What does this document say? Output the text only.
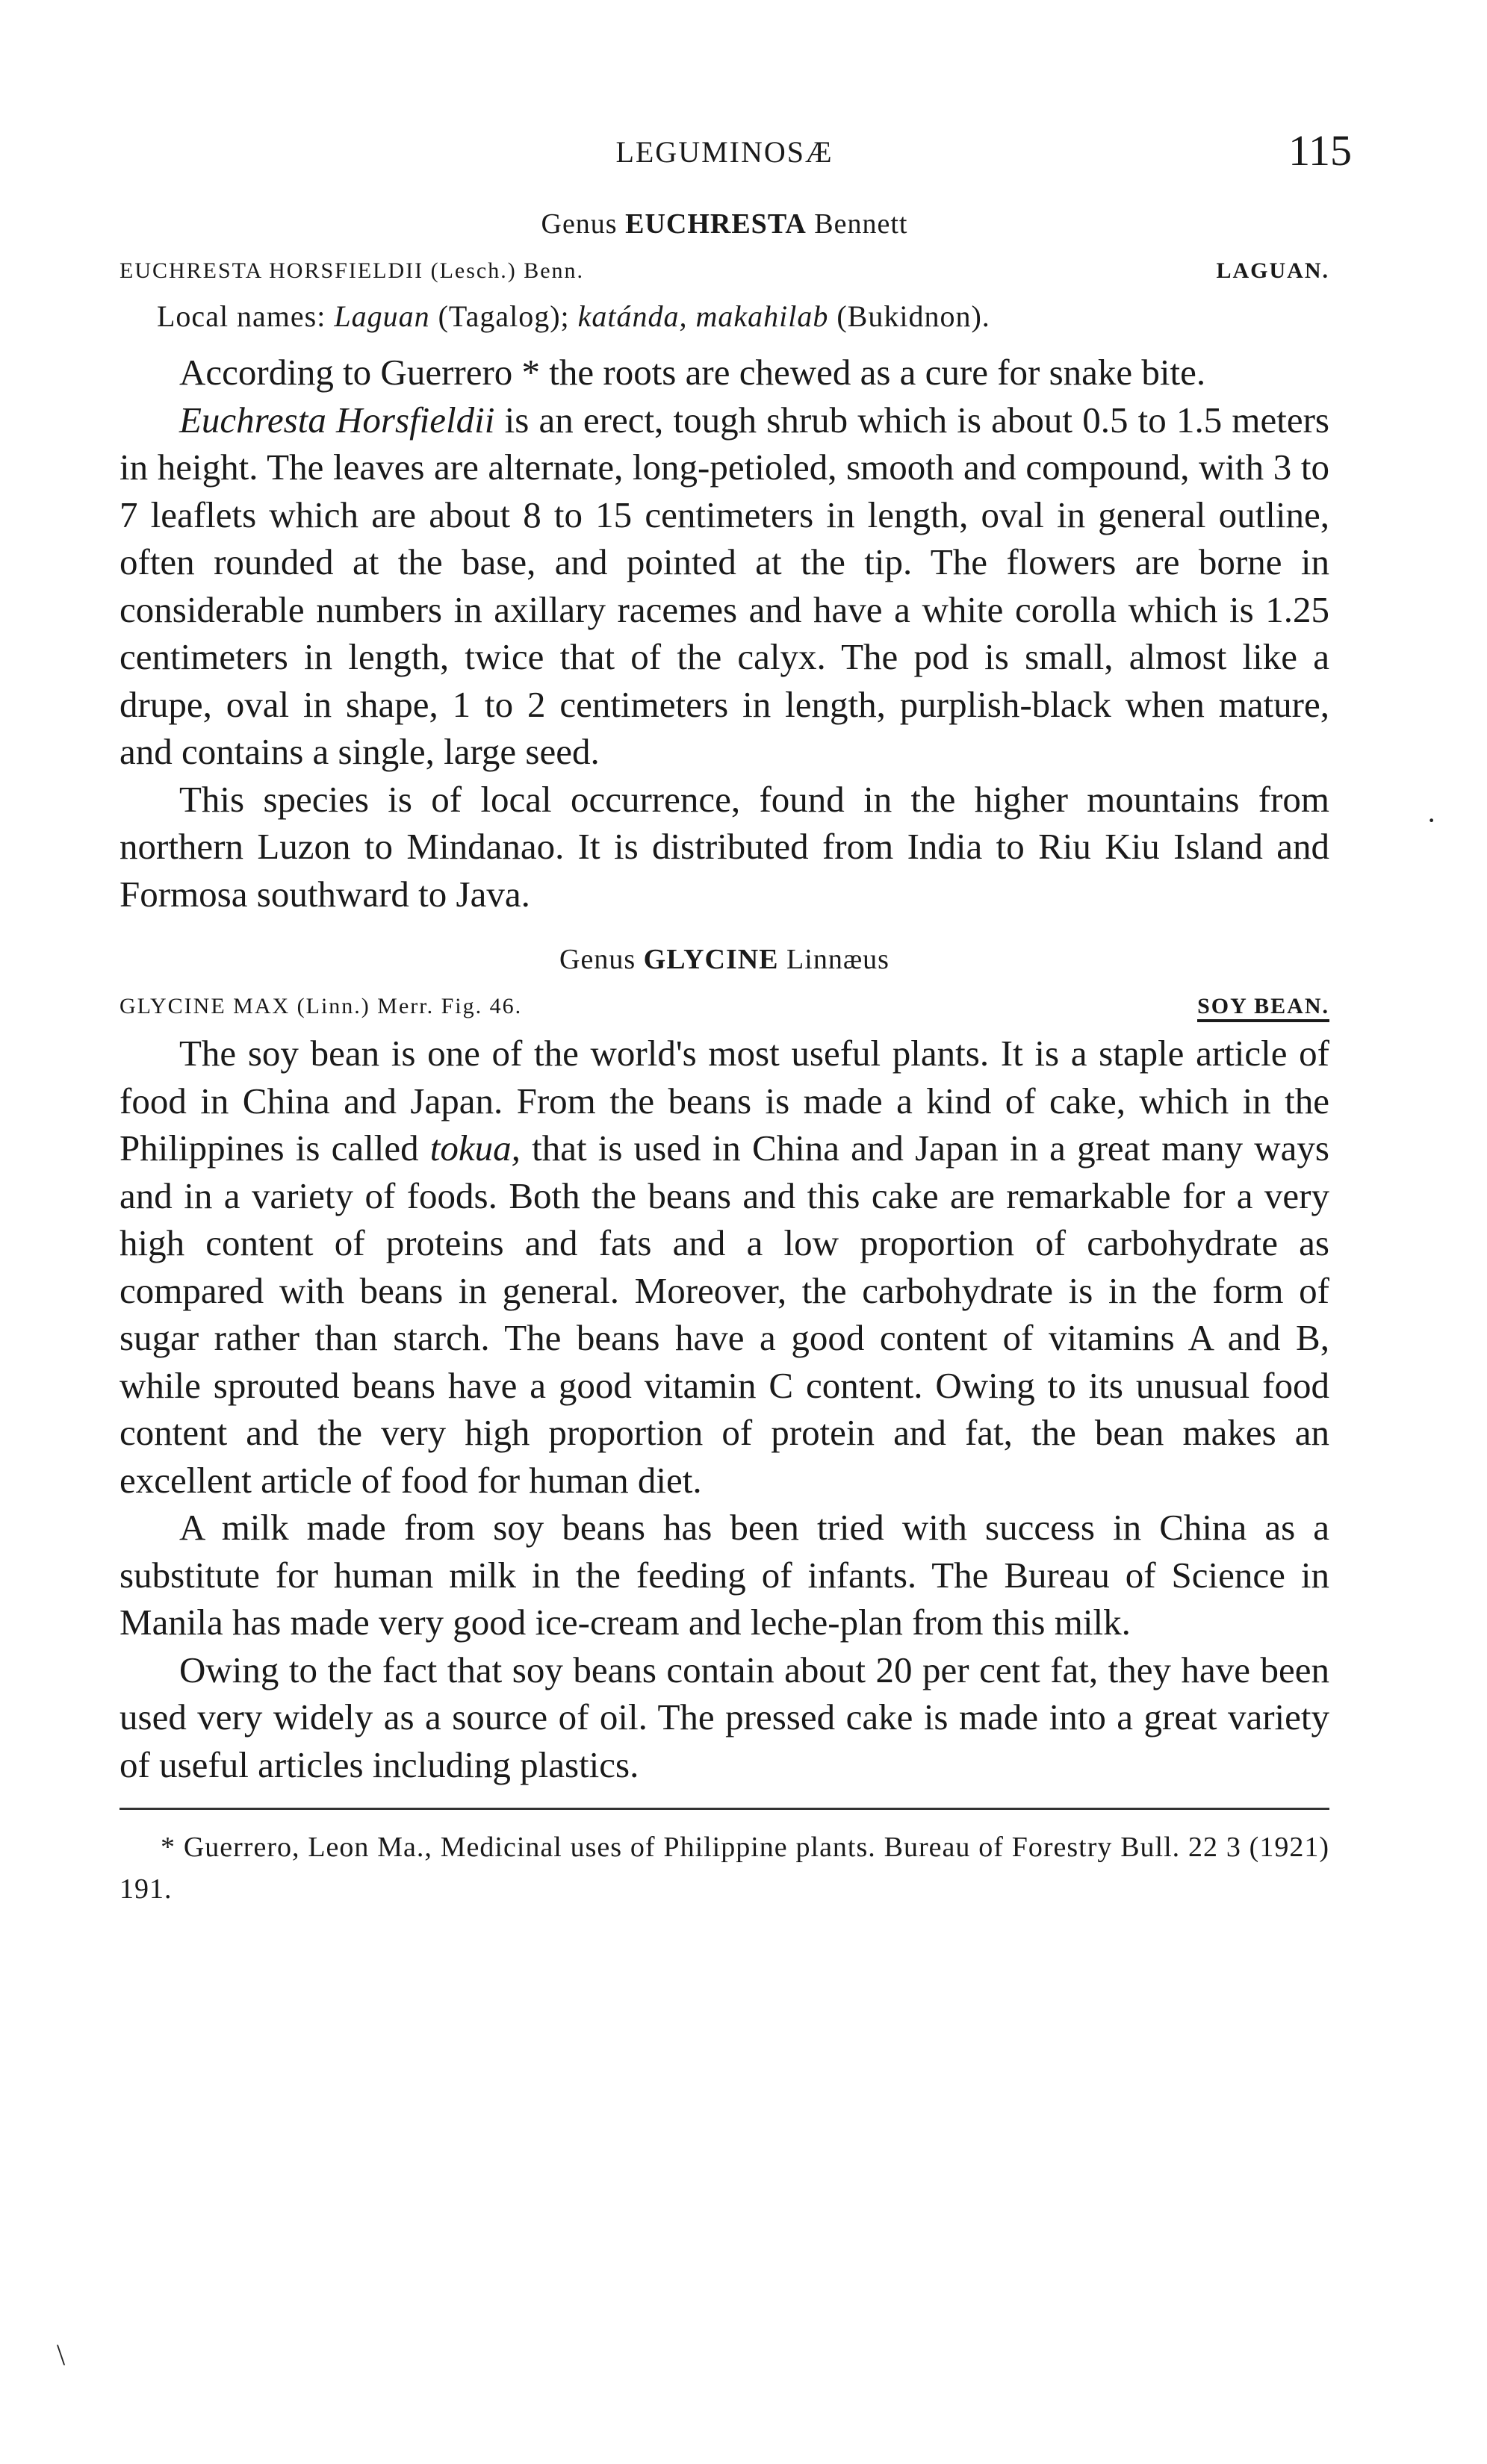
LEGUMINOSÆ	115
Genus EUCHRESTA Bennett
EUCHRESTA HORSFIELDII (Lesch.) Benn.	LAGUAN.
Local names: Laguan (Tagalog); katánda, makahilab (Bukidnon).

According to Guerrero * the roots are chewed as a cure for snake bite.

Euchresta Horsfieldii is an erect, tough shrub which is about 0.5 to 1.5 meters in height. The leaves are alternate, long-petioled, smooth and compound, with 3 to 7 leaflets which are about 8 to 15 centimeters in length, oval in general outline, often rounded at the base, and pointed at the tip. The flowers are borne in considerable numbers in axillary racemes and have a white corolla which is 1.25 centimeters in length, twice that of the calyx. The pod is small, almost like a drupe, oval in shape, 1 to 2 centimeters in length, purplish-black when mature, and contains a single, large seed.

This species is of local occurrence, found in the higher mountains from northern Luzon to Mindanao. It is distributed from India to Riu Kiu Island and Formosa southward to Java.

Genus GLYCINE Linnæus
GLYCINE MAX (Linn.) Merr. Fig. 46.	SOY BEAN.

The soy bean is one of the world's most useful plants. It is a staple article of food in China and Japan. From the beans is made a kind of cake, which in the Philippines is called tokua, that is used in China and Japan in a great many ways and in a variety of foods. Both the beans and this cake are remarkable for a very high content of proteins and fats and a low proportion of carbohydrate as compared with beans in general. Moreover, the carbohydrate is in the form of sugar rather than starch. The beans have a good content of vitamins A and B, while sprouted beans have a good vitamin C content. Owing to its unusual food content and the very high proportion of protein and fat, the bean makes an excellent article of food for human diet.

A milk made from soy beans has been tried with success in China as a substitute for human milk in the feeding of infants. The Bureau of Science in Manila has made very good ice-cream and leche-plan from this milk.

Owing to the fact that soy beans contain about 20 per cent fat, they have been used very widely as a source of oil. The pressed cake is made into a great variety of useful articles including plastics.

* Guerrero, Leon Ma., Medicinal uses of Philippine plants. Bureau of Forestry Bull. 22 3 (1921) 191.

·
\
